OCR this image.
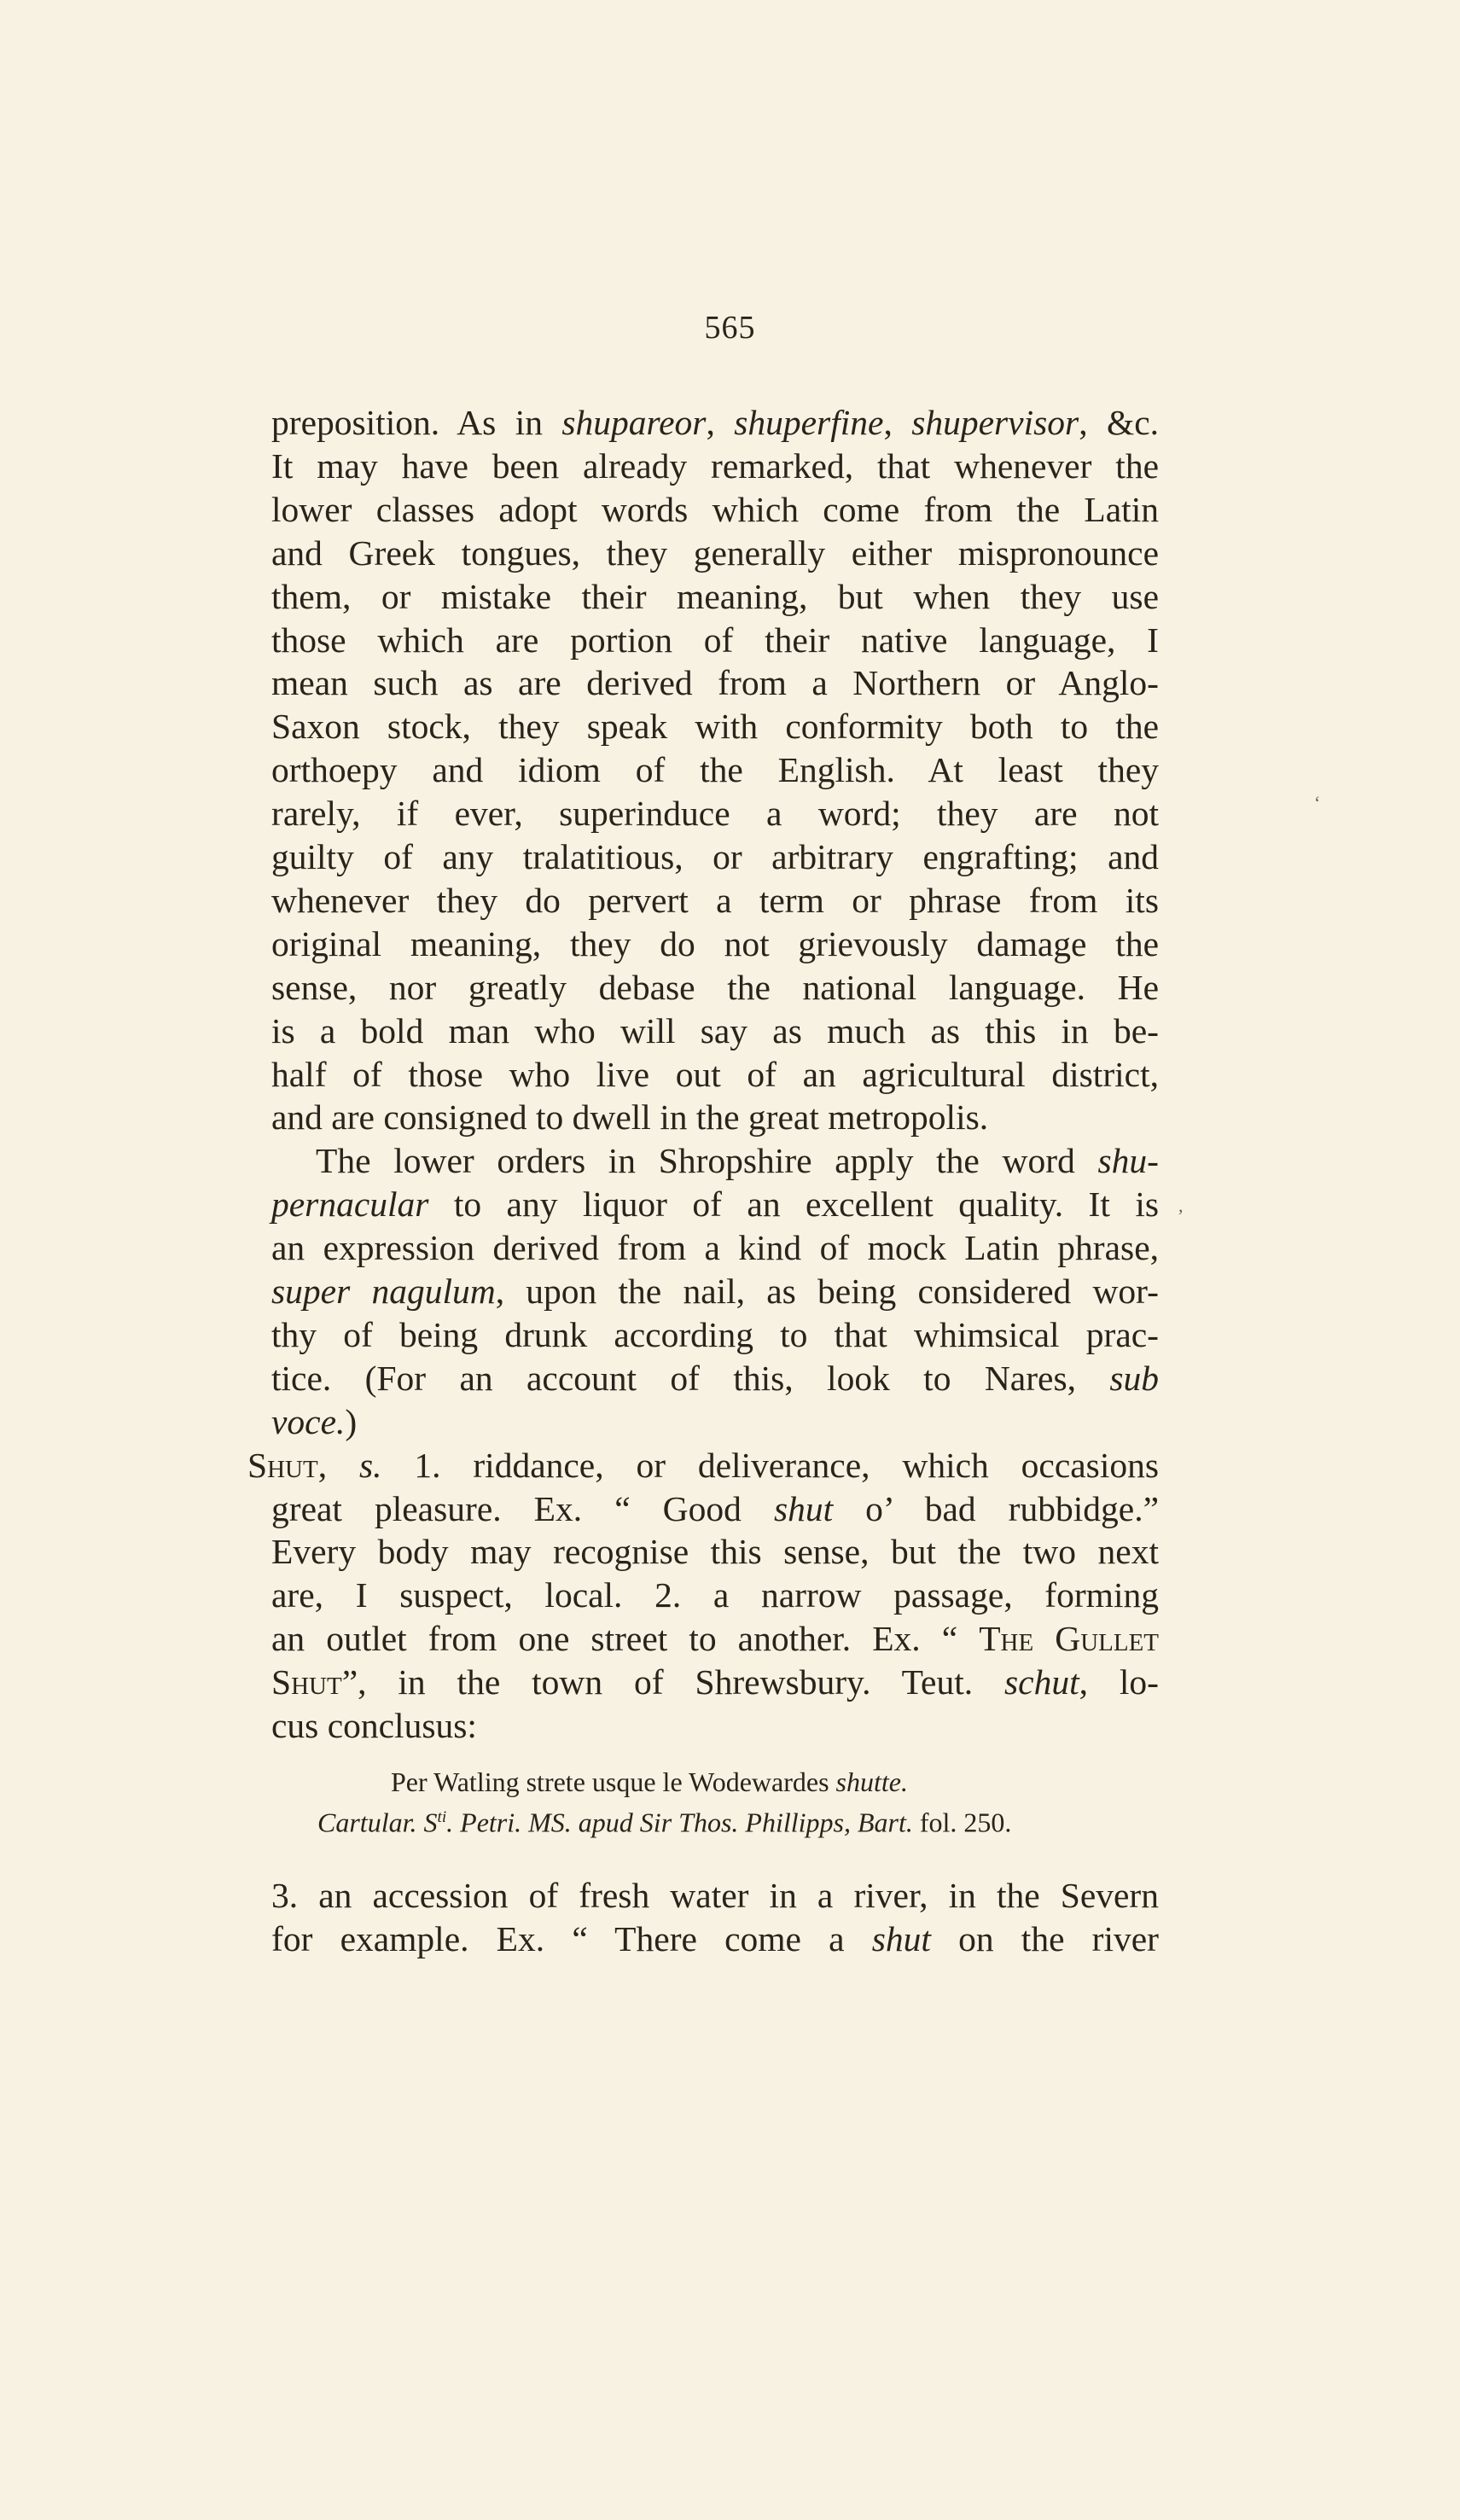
565
preposition. As in shupareor, shuperfine, shupervisor, &c.
It may have been already remarked, that whenever the
lower classes adopt words which come from the Latin
and Greek tongues, they generally either mispronounce
them, or mistake their meaning, but when they use
those which are portion of their native language, I
mean such as are derived from a Northern or Anglo-
Saxon stock, they speak with conformity both to the
orthoepy and idiom of the English. At least they
rarely, if ever, superinduce a word; they are not
guilty of any tralatitious, or arbitrary engrafting; and
whenever they do pervert a term or phrase from its
original meaning, they do not grievously damage the
sense, nor greatly debase the national language. He
is a bold man who will say as much as this in be-
half of those who live out of an agricultural district,
and are consigned to dwell in the great metropolis.
The lower orders in Shropshire apply the word shu-
pernacular to any liquor of an excellent quality. It is
an expression derived from a kind of mock Latin phrase,
super nagulum, upon the nail, as being considered wor-
thy of being drunk according to that whimsical prac-
tice. (For an account of this, look to Nares, sub
voce.)
Shut, s. 1. riddance, or deliverance, which occasions
great pleasure. Ex. “ Good shut o’ bad rubbidge.”
Every body may recognise this sense, but the two next
are, I suspect, local. 2. a narrow passage, forming
an outlet from one street to another. Ex. “ The Gullet
Shut”, in the town of Shrewsbury. Teut. schut, lo-
cus conclusus:
Per Watling strete usque le Wodewardes shutte.
Cartular. $S^{ti}$. Petri. MS. apud Sir Thos. Phillipps, Bart. fol. 250.
3. an accession of fresh water in a river, in the Severn
for example. Ex. “ There come a shut on the river
‘
,
